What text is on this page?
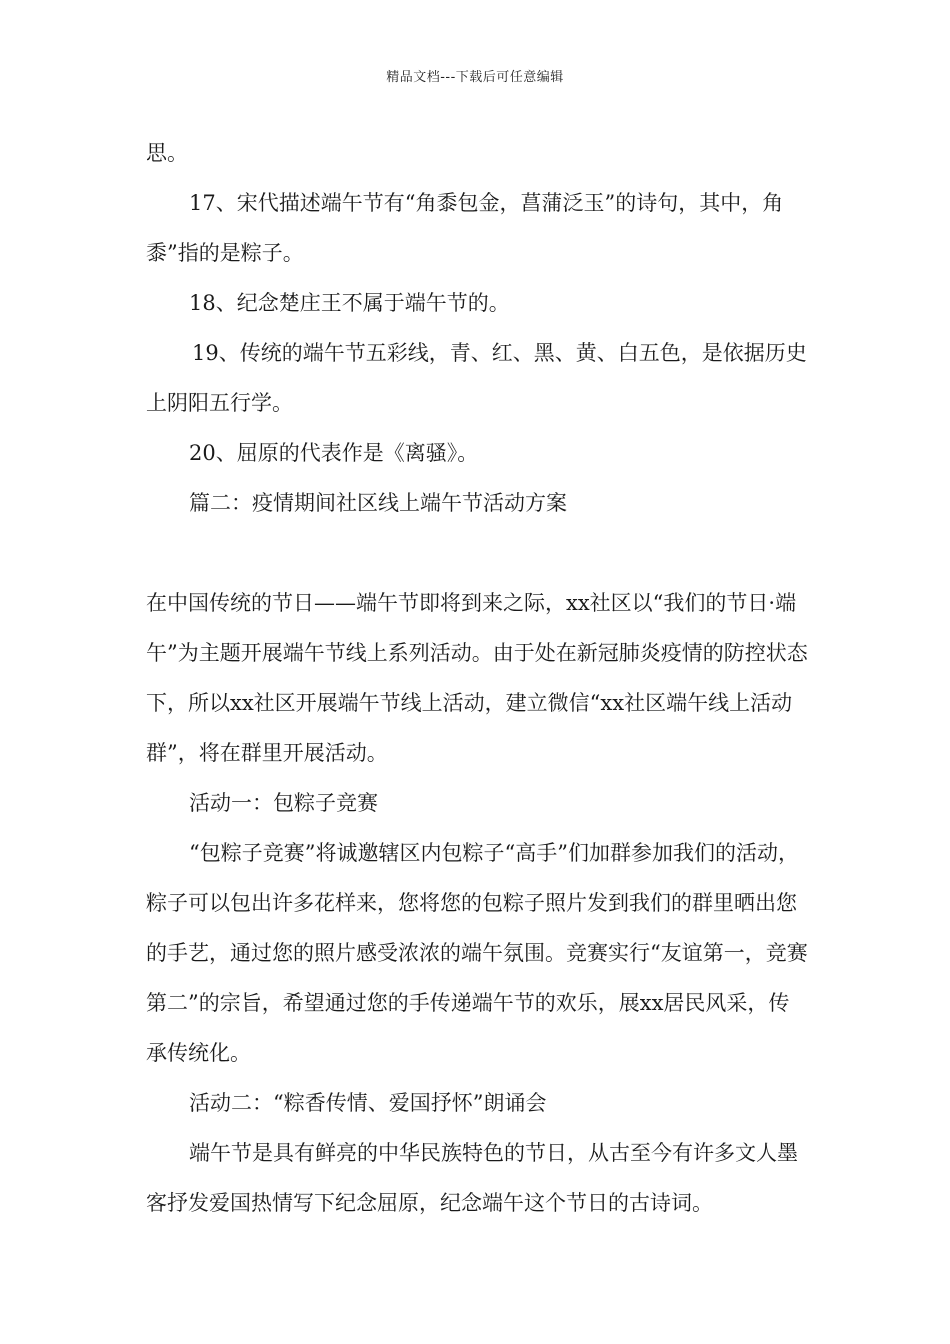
精品文档---下载后可任意编辑

思。

17、宋代描述端午节有“角黍包金，菖蒲泛玉”的诗句，其中，角黍”指的是粽子。

18、纪念楚庄王不属于端午节的。

19、传统的端午节五彩线，青、红、黑、黄、白五色，是依据历史上阴阳五行学。

20、屈原的代表作是《离骚》。

篇二：疫情期间社区线上端午节活动方案

在中国传统的节日——端午节即将到来之际，xx社区以“我们的节日·端午”为主题开展端午节线上系列活动。由于处在新冠肺炎疫情的防控状态下，所以xx社区开展端午节线上活动，建立微信“xx社区端午线上活动群”，将在群里开展活动。

活动一：包粽子竞赛

“包粽子竞赛”将诚邀辖区内包粽子“高手”们加群参加我们的活动，粽子可以包出许多花样来，您将您的包粽子照片发到我们的群里晒出您的手艺，通过您的照片感受浓浓的端午氛围。竞赛实行“友谊第一，竞赛第二”的宗旨，希望通过您的手传递端午节的欢乐，展xx居民风采，传承传统化。

活动二：“粽香传情、爱国抒怀”朗诵会

端午节是具有鲜亮的中华民族特色的节日，从古至今有许多文人墨客抒发爱国热情写下纪念屈原，纪念端午这个节日的古诗词。
